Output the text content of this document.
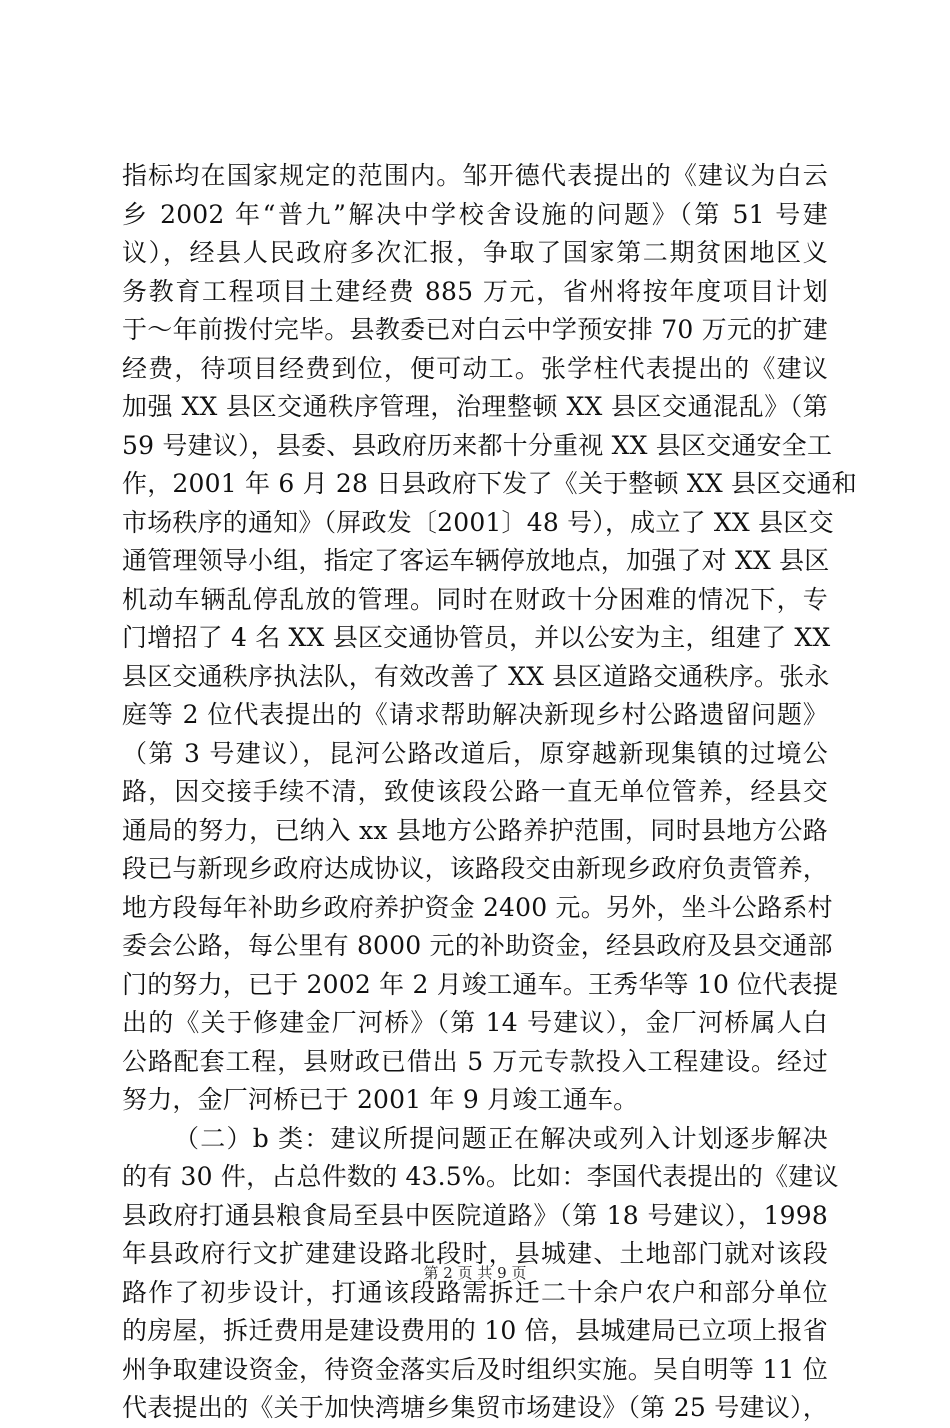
指标均在国家规定的范围内。邹开德代表提出的《建议为白云
乡 2002 年“普九”解决中学校舍设施的问题》（第 51 号建
议），经县人民政府多次汇报，争取了国家第二期贫困地区义
务教育工程项目土建经费 885 万元，省州将按年度项目计划
于～年前拨付完毕。县教委已对白云中学预安排 70 万元的扩建
经费，待项目经费到位，便可动工。张学柱代表提出的《建议
加强 XX 县区交通秩序管理，治理整顿 XX 县区交通混乱》（第
59 号建议），县委、县政府历来都十分重视 XX 县区交通安全工
作，2001 年 6 月 28 日县政府下发了《关于整顿 XX 县区交通和
市场秩序的通知》（屏政发〔2001〕48 号），成立了 XX 县区交
通管理领导小组，指定了客运车辆停放地点，加强了对 XX 县区
机动车辆乱停乱放的管理。同时在财政十分困难的情况下，专
门增招了 4 名 XX 县区交通协管员，并以公安为主，组建了 XX
县区交通秩序执法队，有效改善了 XX 县区道路交通秩序。张永
庭等 2 位代表提出的《请求帮助解决新现乡村公路遗留问题》
（第 3 号建议），昆河公路改道后，原穿越新现集镇的过境公
路，因交接手续不清，致使该段公路一直无单位管养，经县交
通局的努力，已纳入 xx 县地方公路养护范围，同时县地方公路
段已与新现乡政府达成协议，该路段交由新现乡政府负责管养，
地方段每年补助乡政府养护资金 2400 元。另外，坐斗公路系村
委会公路，每公里有 8000 元的补助资金，经县政府及县交通部
门的努力，已于 2002 年 2 月竣工通车。王秀华等 10 位代表提
出的《关于修建金厂河桥》（第 14 号建议），金厂河桥属人白
公路配套工程，县财政已借出 5 万元专款投入工程建设。经过
努力，金厂河桥已于 2001 年 9 月竣工通车。
（二）b 类：建议所提问题正在解决或列入计划逐步解决
的有 30 件，占总件数的 43.5%。比如：李国代表提出的《建议
县政府打通县粮食局至县中医院道路》（第 18 号建议），1998
年县政府行文扩建建设路北段时，县城建、土地部门就对该段
路作了初步设计，打通该段路需拆迁二十余户农户和部分单位
的房屋，拆迁费用是建设费用的 10 倍，县城建局已立项上报省
州争取建设资金，待资金落实后及时组织实施。吴自明等 11 位
代表提出的《关于加快湾塘乡集贸市场建设》（第 25 号建议），
第 2 页 共 9 页
